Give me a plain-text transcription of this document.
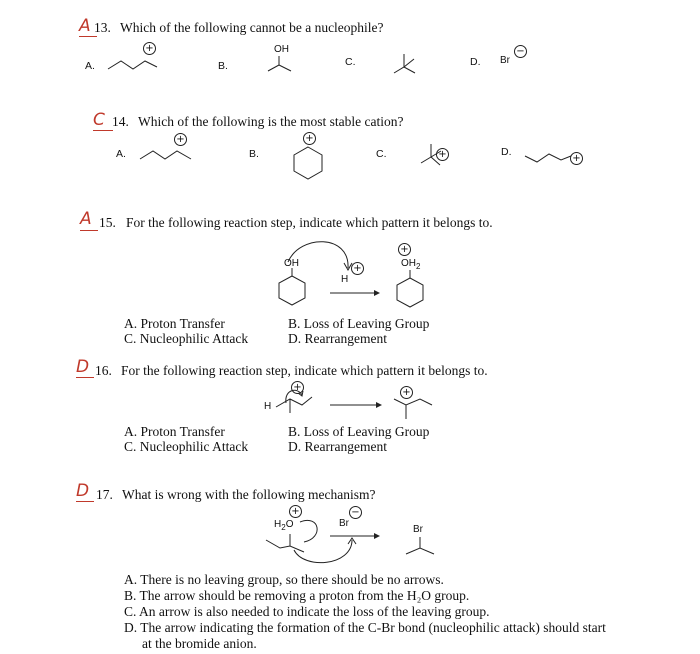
A 13. Which of the following cannot be a nucleophile?
A.
+
B.
OH
C.	D. Br
−
C 14. Which of the following is the most stable cation?
A.
+
B.
+
C.	+	D.
+
A 15. For the following reaction step, indicate which pattern it belongs to.
OH
H
+	$OH_2$
+
A. Proton Transfer	B. Loss of Leaving Group
C. Nucleophilic Attack	D. Rearrangement
D 16. For the following reaction step, indicate which pattern it belongs to.
H
+	+
A. Proton Transfer	B. Loss of Leaving Group
C. Nucleophilic Attack	D. Rearrangement
D 17. What is wrong with the following mechanism?
$H_2O$
+
Br
−
Br
A. There is no leaving group, so there should be no arrows.
B. The arrow should be removing a proton from the H₂O group.
C. An arrow is also needed to indicate the loss of the leaving group.
D. The arrow indicating the formation of the C-Br bond (nucleophilic attack) should start
at the bromide anion.
